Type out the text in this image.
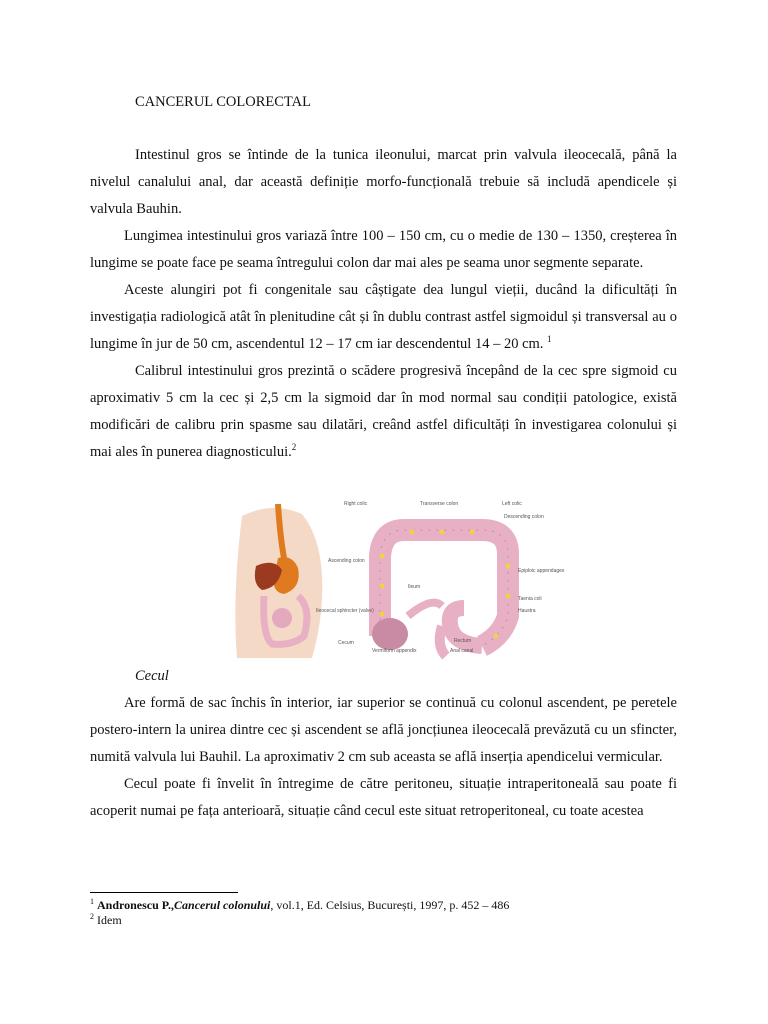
CANCERUL COLORECTAL

Intestinul gros se întinde de la tunica ileonului, marcat prin valvula ileocecală, până la nivelul canalului anal, dar această definiție morfo-funcțională trebuie să includă apendicele și valvula Bauhin.

Lungimea intestinului gros variază între 100 – 150 cm, cu o medie de 130 – 1350, creșterea în lungime se poate face pe seama întregului colon dar mai ales pe seama unor segmente separate.

Aceste alungiri pot fi congenitale sau câștigate dea lungul vieții, ducând la dificultăți în investigația radiologică atât în plenitudine cât și în dublu contrast astfel sigmoidul și transversal au o lungime în jur de 50 cm, ascendentul 12 – 17 cm iar descendentul 14 – 20 cm. $^1$

Calibrul intestinului gros prezintă o scădere progresivă începând de la cec spre sigmoid cu aproximativ 5 cm la cec și 2,5 cm la sigmoid dar în mod normal sau condiții patologice, există modificări de calibru prin spasme sau dilatări, creând astfel dificultăți în investigarea colonului și mai ales în punerea diagnosticului.$^2$

Right colic	Transverse colon	Left colic
Descending colon
Ascending colon
Epiploic appendages
Ileum
Taenia coli
Haustra
Ileocecal sphincter (valve)
Cecum
Vermiform appendix
Rectum
Anal canal
Cecul

Are formă de sac închis în interior, iar superior se continuă cu colonul ascendent, pe peretele postero-intern la unirea dintre cec și ascendent se află joncțiunea ileocecală prevăzută cu un sfincter, numită valvula lui Bauhil. La aproximativ 2 cm sub aceasta se află inserția apendicelui vermicular.

Cecul poate fi învelit în întregime de către peritoneu, situație intraperitoneală sau poate fi acoperit numai pe fața anterioară, situație când cecul este situat retroperitoneal, cu toate acestea

$^1$ Andronescu P.,Cancerul colonului, vol.1, Ed. Celsius, București, 1997, p. 452 – 486
$^2$ Idem
